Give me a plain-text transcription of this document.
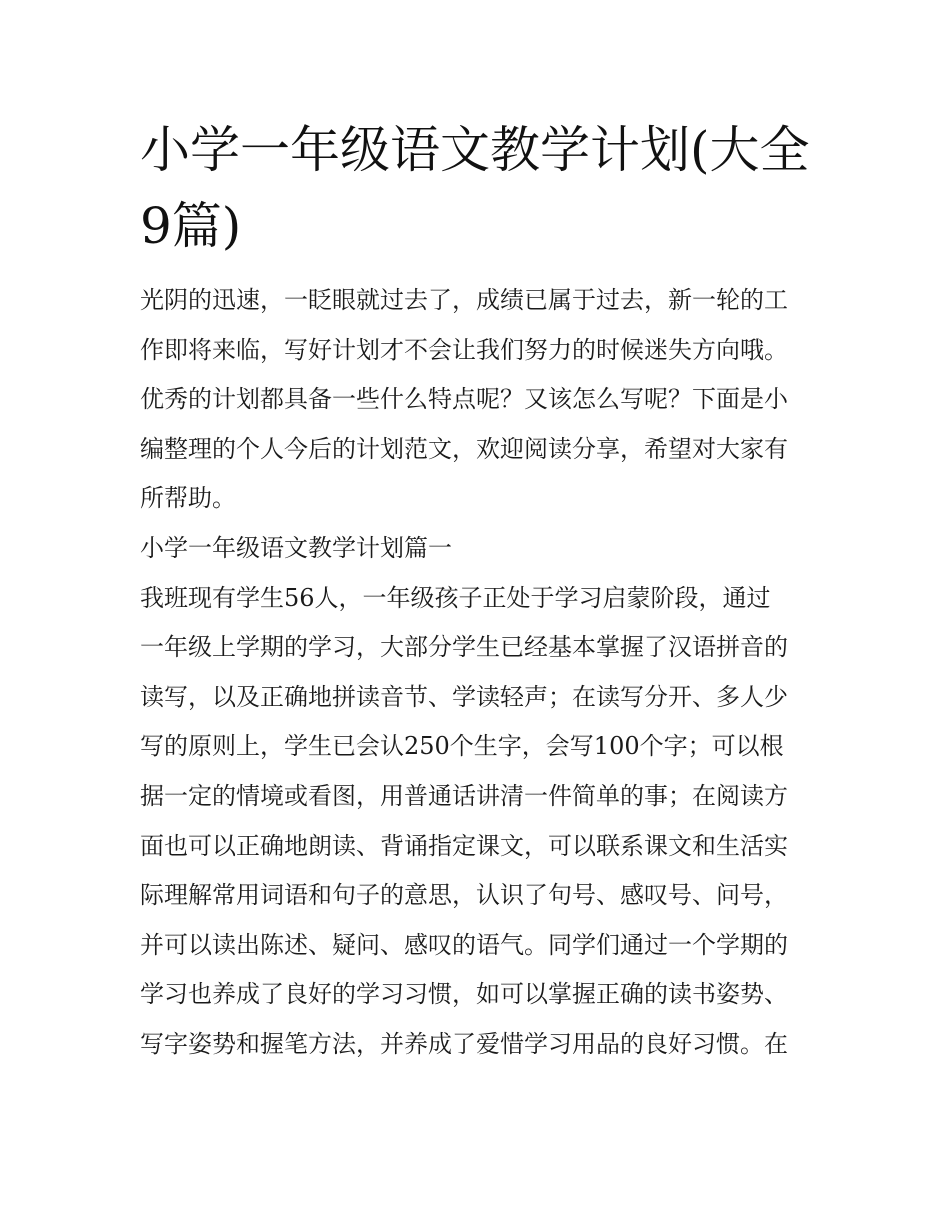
小学一年级语文教学计划(大全
9篇)
光阴的迅速，一眨眼就过去了，成绩已属于过去，新一轮的工
作即将来临，写好计划才不会让我们努力的时候迷失方向哦。
优秀的计划都具备一些什么特点呢？又该怎么写呢？下面是小
编整理的个人今后的计划范文，欢迎阅读分享，希望对大家有
所帮助。
小学一年级语文教学计划篇一
我班现有学生56人，一年级孩子正处于学习启蒙阶段，通过
一年级上学期的学习，大部分学生已经基本掌握了汉语拼音的
读写，以及正确地拼读音节、学读轻声；在读写分开、多人少
写的原则上，学生已会认250个生字，会写100个字；可以根
据一定的情境或看图，用普通话讲清一件简单的事；在阅读方
面也可以正确地朗读、背诵指定课文，可以联系课文和生活实
际理解常用词语和句子的意思，认识了句号、感叹号、问号，
并可以读出陈述、疑问、感叹的语气。同学们通过一个学期的
学习也养成了良好的学习习惯，如可以掌握正确的读书姿势、
写字姿势和握笔方法，并养成了爱惜学习用品的良好习惯。在
